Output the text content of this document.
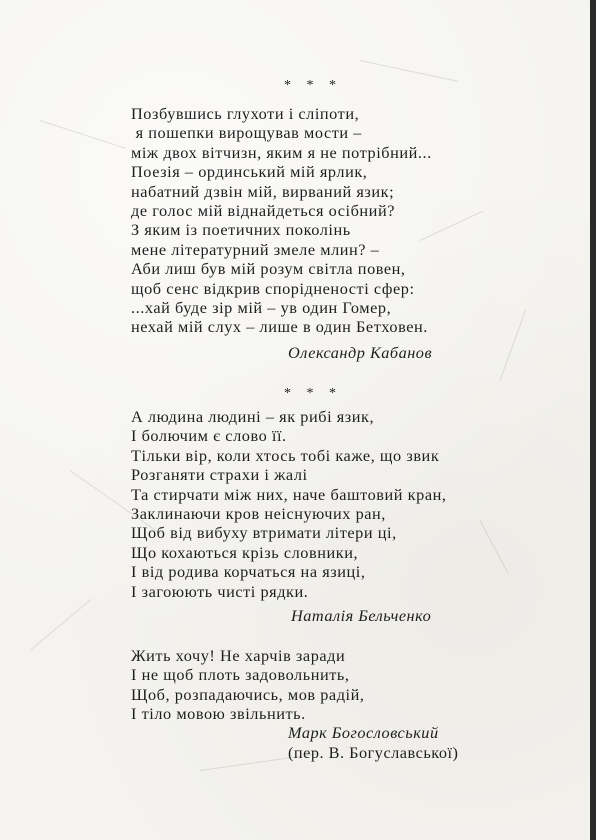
* * *
Позбувшись глухоти і сліпоти,
я пошепки вирощував мости –
між двох вітчизн, яким я не потрібний...
Поезія – ординський мій ярлик,
набатний дзвін мій, вирваний язик;
де голос мій віднайдеться осібний?
З яким із поетичних поколінь
мене літературний змеле млин? –
Аби лиш був мій розум світла повен,
щоб сенс відкрив спорідненості сфер:
...хай буде зір мій – ув один Гомер,
нехай мій слух – лише в один Бетховен.
Олександр Кабанов
* * *
А людина людині – як рибі язик,
І болючим є слово її.
Тільки вір, коли хтось тобі каже, що звик
Розганяти страхи і жалі
Та стирчати між них, наче баштовий кран,
Заклинаючи кров неіснуючих ран,
Щоб від вибуху втримати літери ці,
Що кохаються крізь словники,
І від родива корчаться на язиці,
І загоюють чисті рядки.
Наталія Бельченко
Жить хочу! Не харчів заради
І не щоб плоть задовольнить,
Щоб, розпадаючись, мов радій,
І тіло мовою звільнить.
Марк Богословський
(пер. В. Богуславської)
